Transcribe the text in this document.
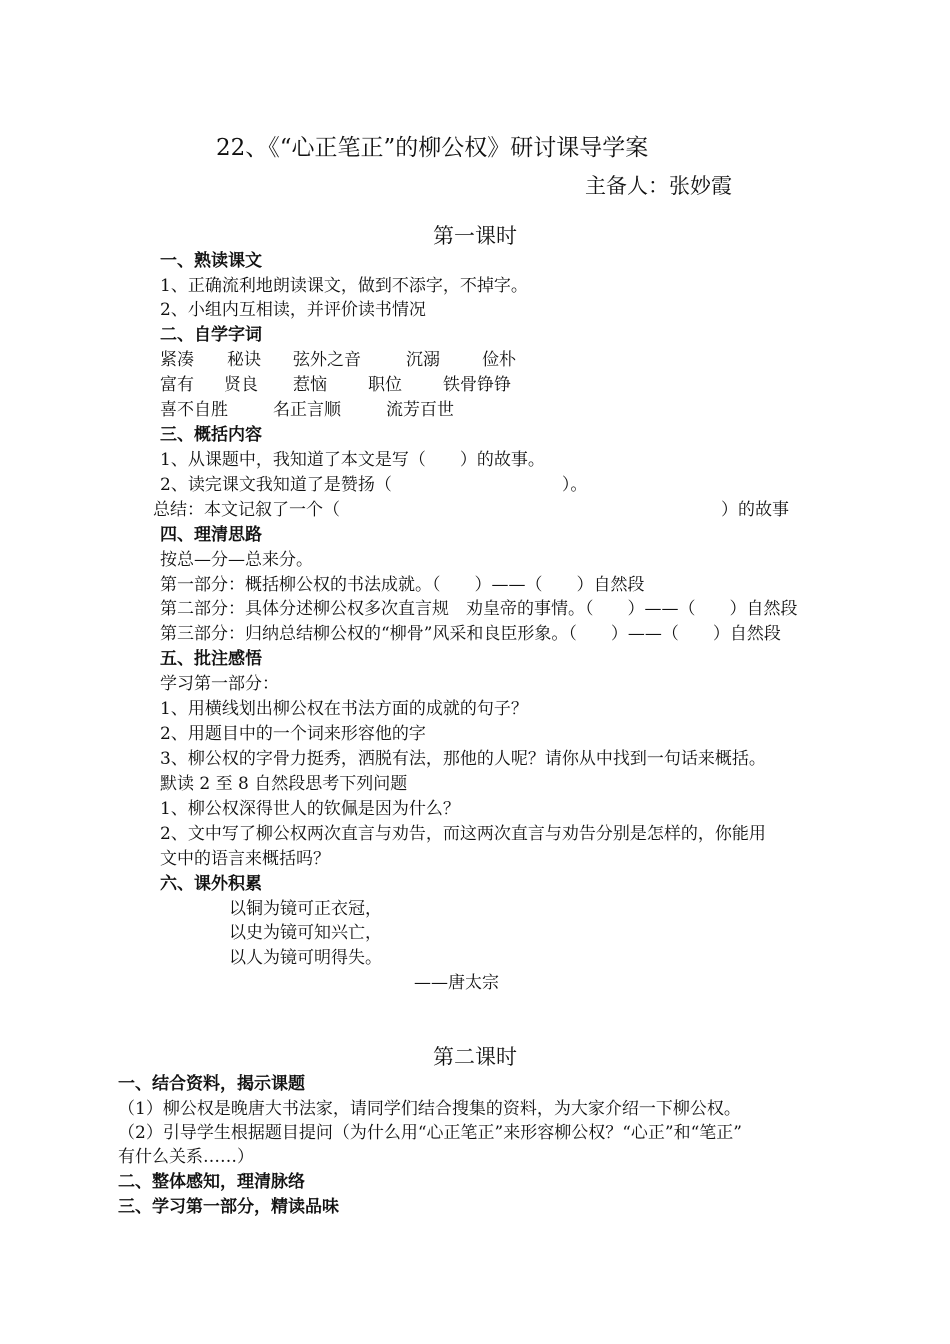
22、《“心正笔正”的柳公权》研讨课导学案
主备人：张妙霞
第一课时
一、熟读课文
1、正确流利地朗读课文，做到不添字，不掉字。
2、小组内互相读，并评价读书情况
二、自学字词
紧凑 秘诀 弦外之音	沉溺 俭朴
富有 贤良 惹恼 职位 铁骨铮铮
喜不自胜	名正言顺	流芳百世
三、概括内容
1、从课题中，我知道了本文是写（　　）的故事。
2、读完课文我知道了是赞扬（　　　　　　　　　　）。
总结：本文记叙了一个（	）的故事
四、理清思路
按总—分—总来分。
第一部分：概括柳公权的书法成就。（　　）——（　　）自然段
第二部分：具体分述柳公权多次直言规　劝皇帝的事情。（　　）——（　　）自然段
第三部分：归纳总结柳公权的“柳骨”风采和良臣形象。（　　）——（　　）自然段
五、批注感悟
学习第一部分：
1、用横线划出柳公权在书法方面的成就的句子？
2、用题目中的一个词来形容他的字
3、柳公权的字骨力挺秀，洒脱有法，那他的人呢？请你从中找到一句话来概括。
默读 2 至 8 自然段思考下列问题
1、柳公权深得世人的钦佩是因为什么？
2、文中写了柳公权两次直言与劝告，而这两次直言与劝告分别是怎样的，你能用
文中的语言来概括吗？
六、课外积累
以铜为镜可正衣冠，
以史为镜可知兴亡，
以人为镜可明得失。
——唐太宗
第二课时
一、结合资料，揭示课题
（1）柳公权是晚唐大书法家，请同学们结合搜集的资料，为大家介绍一下柳公权。
（2）引导学生根据题目提问（为什么用“心正笔正”来形容柳公权？“心正”和“笔正”
有什么关系……）
二、整体感知，理清脉络
三、学习第一部分，精读品味
